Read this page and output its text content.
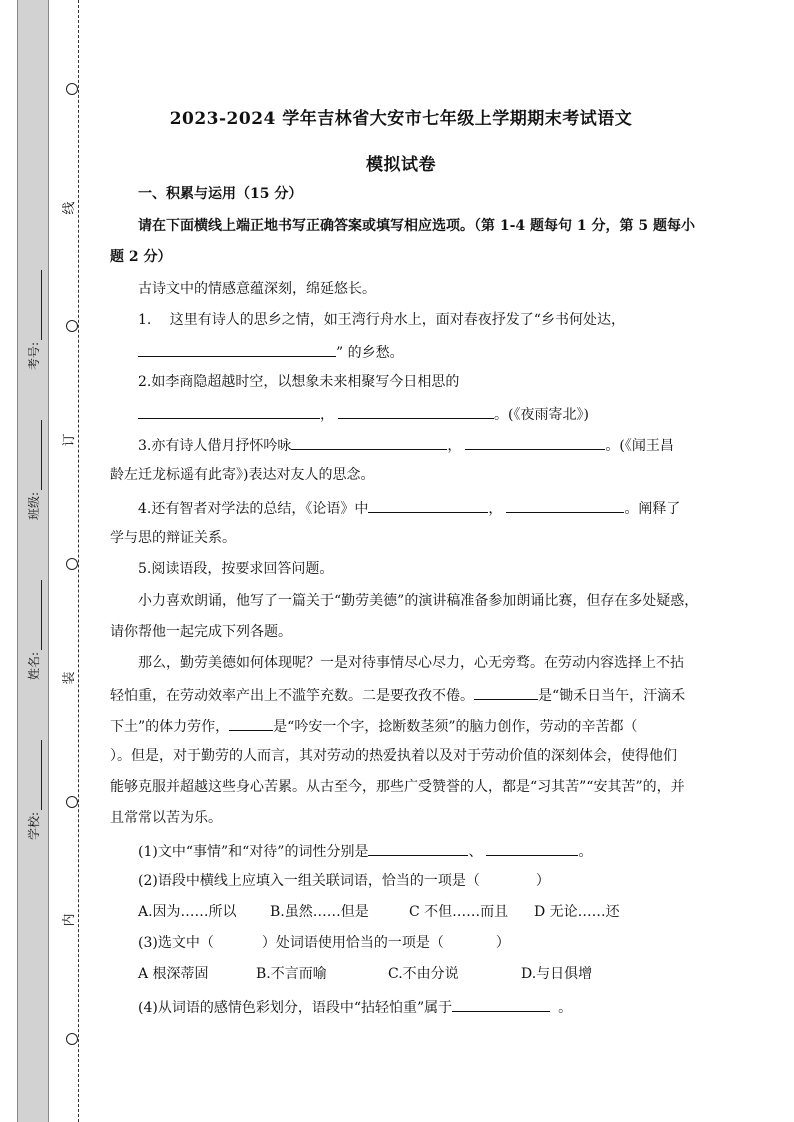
线
订
装
内
考号:
班级:
姓名:
学校:
2023-2024 学年吉林省大安市七年级上学期期末考试语文
模拟试卷
一、积累与运用（15 分）
请在下面横线上端正地书写正确答案或填写相应选项。（第 1-4 题每句 1 分，第 5 题每小
题 2 分）
古诗文中的情感意蕴深刻，绵延悠长。
1.　 这里有诗人的思乡之情，如王湾行舟水上，面对春夜抒发了“乡书何处达，
” 的乡愁。
2.如李商隐超越时空，以想象未来相聚写今日相思的
，	。(《夜雨寄北》)
3.亦有诗人借月抒怀吟咏	，	。(《闻王昌
龄左迁龙标遥有此寄》)表达对友人的思念。
4.还有智者对学法的总结，《论语》中	，	。阐释了
学与思的辩证关系。
5.阅读语段，按要求回答问题。
小力喜欢朗诵，他写了一篇关于“勤劳美德”的演讲稿准备参加朗诵比赛，但存在多处疑惑，
请你帮他一起完成下列各题。
那么，勤劳美德如何体现呢？一是对待事情尽心尽力，心无旁骛。在劳动内容选择上不拈
轻怕重，在劳动效率产出上不滥竽充数。二是要孜孜不倦。	是“锄禾日当午，汗滴禾
下土”的体力劳作，	是“吟安一个字，捻断数茎须”的脑力创作，劳动的辛苦都（
）。但是，对于勤劳的人而言，其对劳动的热爱执着以及对于劳动价值的深刻体会，使得他们
能够克服并超越这些身心苦累。从古至今，那些广受赞誉的人，都是“习其苦”“安其苦”的，并
且常常以苦为乐。
(1)文中“事情”和“对待”的词性分别是	、	。
(2)语段中横线上应填入一组关联词语，恰当的一项是（	）
A.因为……所以 B.虽然……但是	C 不但……而且 D 无论……还
(3)选文中（	）处词语使用恰当的一项是（	）
A 根深蒂固	B.不言而喻	C.不由分说	D.与日俱增
(4)从词语的感情色彩划分，语段中“拈轻怕重”属于	。
